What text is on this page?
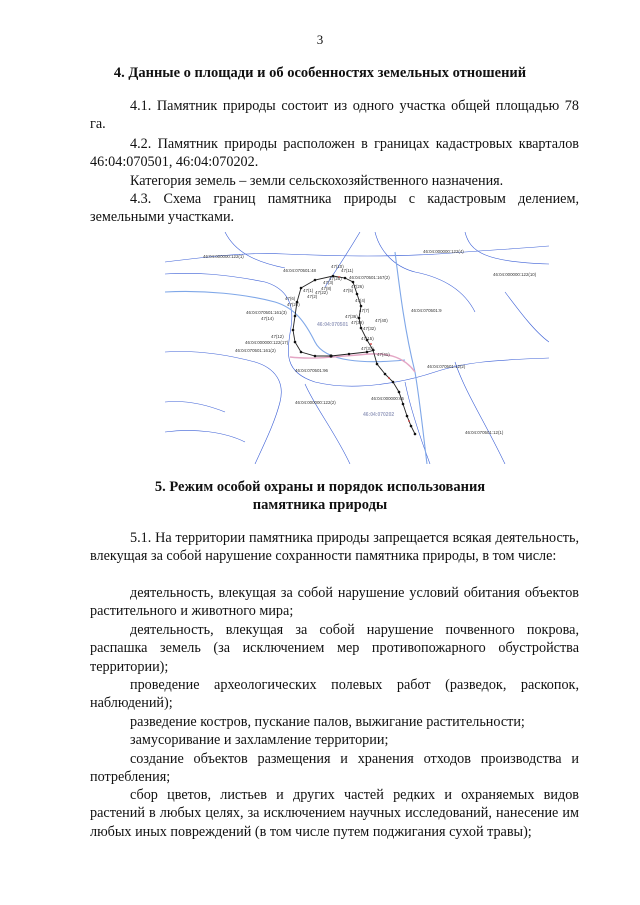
3
4. Данные о площади и об особенностях земельных отношений

4.1. Памятник природы состоит из одного участка общей площадью 78 га.

4.2. Памятник природы расположен в границах кадастровых кварталов 46:04:070501, 46:04:070202.

Категория земель – земли сельскохозяйственного назначения.

4.3. Схема границ памятника природы с кадастровым делением, земельными участками.

46:04:000000:122(1)
46:04:000000:122(4)
46:04:000000:122(10)
46:04:070501:48
46:04:070501:167(2)
46:04:070501:161(3)	46:04:070501:9
46:04:070501
46:04:070202
46:04:000000:122(17)
46:04:070501:161(2)
46:04:070501:96
46:04:070501:12(2)
46:04:000000:122(2)
46:04:000000:65
46:04:070501:12(1)
47(1)
47(2)
47(3)
47(4)
47(5)
47(6)
47(7)
47(8)
47(10)
47(11)
47(12)
47(14)
47(15)
47(20)
47(22)
47(25)
47(26)
47(32)
47(36)
47(37)
47(39)	47(40)
47(41)
5. Режим особой охраны и порядок использования
памятника природы

5.1. На территории памятника природы запрещается всякая деятельность, влекущая за собой нарушение сохранности памятника природы, в том числе:

деятельность, влекущая за собой нарушение условий обитания объектов растительного и животного мира;

деятельность, влекущая за собой нарушение почвенного покрова, распашка земель (за исключением мер противопожарного обустройства территории);

проведение археологических полевых работ (разведок, раскопок, наблюдений);

разведение костров, пускание палов, выжигание растительности;

замусоривание и захламление территории;

создание объектов размещения и хранения отходов производства и потребления;

сбор цветов, листьев и других частей редких и охраняемых видов растений в любых целях, за исключением научных исследований, нанесение им любых иных повреждений (в том числе путем поджигания сухой травы);
